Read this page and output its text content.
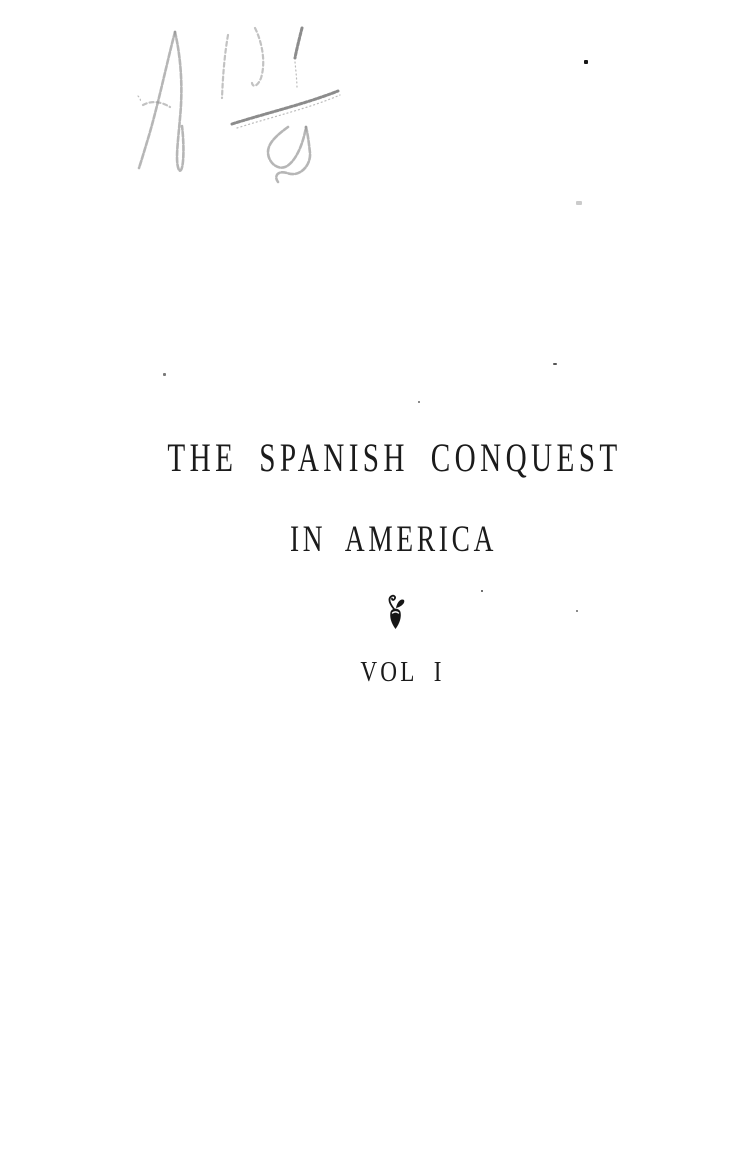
THE SPANISH CONQUEST
IN AMERICA
VOL I
